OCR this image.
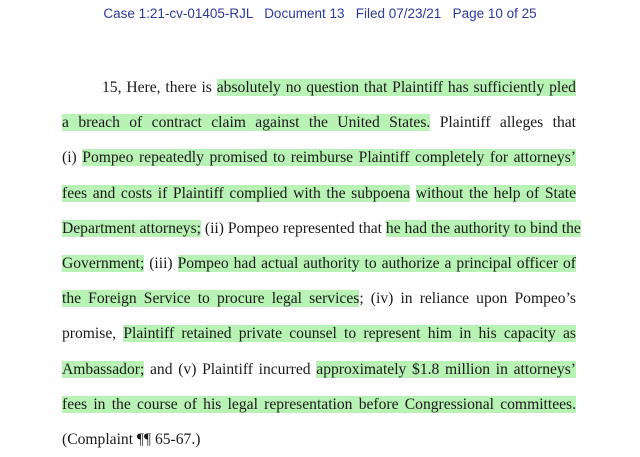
Case 1:21-cv-01405-RJL Document 13 Filed 07/23/21 Page 10 of 25
15, Here, there is absolutely no question that Plaintiff has sufficiently pled
a breach of contract claim against the United States. Plaintiff alleges that
(i) Pompeo repeatedly promised to reimburse Plaintiff completely for attorneys’
fees and costs if Plaintiff complied with the subpoena without the help of State
Department attorneys; (ii) Pompeo represented that he had the authority to bind the
Government; (iii) Pompeo had actual authority to authorize a principal officer of
the Foreign Service to procure legal services; (iv) in reliance upon Pompeo’s
promise, Plaintiff retained private counsel to represent him in his capacity as
Ambassador; and (v) Plaintiff incurred approximately $1.8 million in attorneys’
fees in the course of his legal representation before Congressional committees.
(Complaint ¶¶ 65-67.)
